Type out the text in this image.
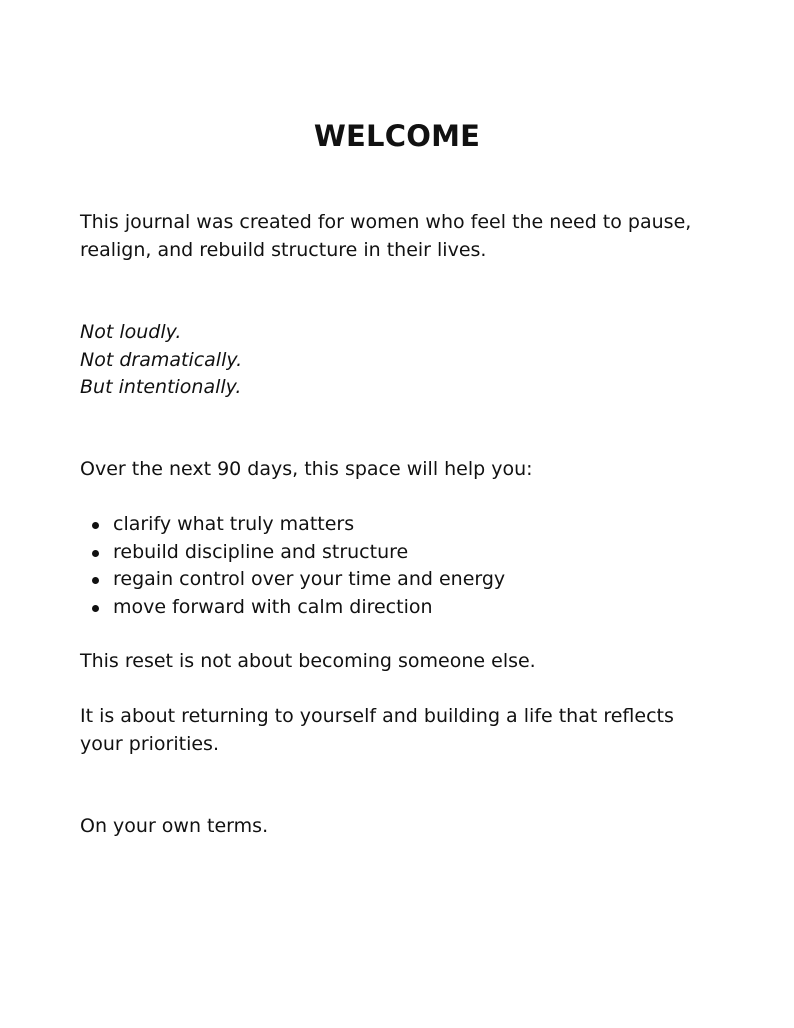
WELCOME

This journal was created for women who feel the need to pause, realign, and rebuild structure in their lives.

Not loudly.
Not dramatically.
But intentionally.

Over the next 90 days, this space will help you:

clarify what truly matters
rebuild discipline and structure
regain control over your time and energy
move forward with calm direction

This reset is not about becoming someone else.

It is about returning to yourself and building a life that reflects your priorities.

On your own terms.
